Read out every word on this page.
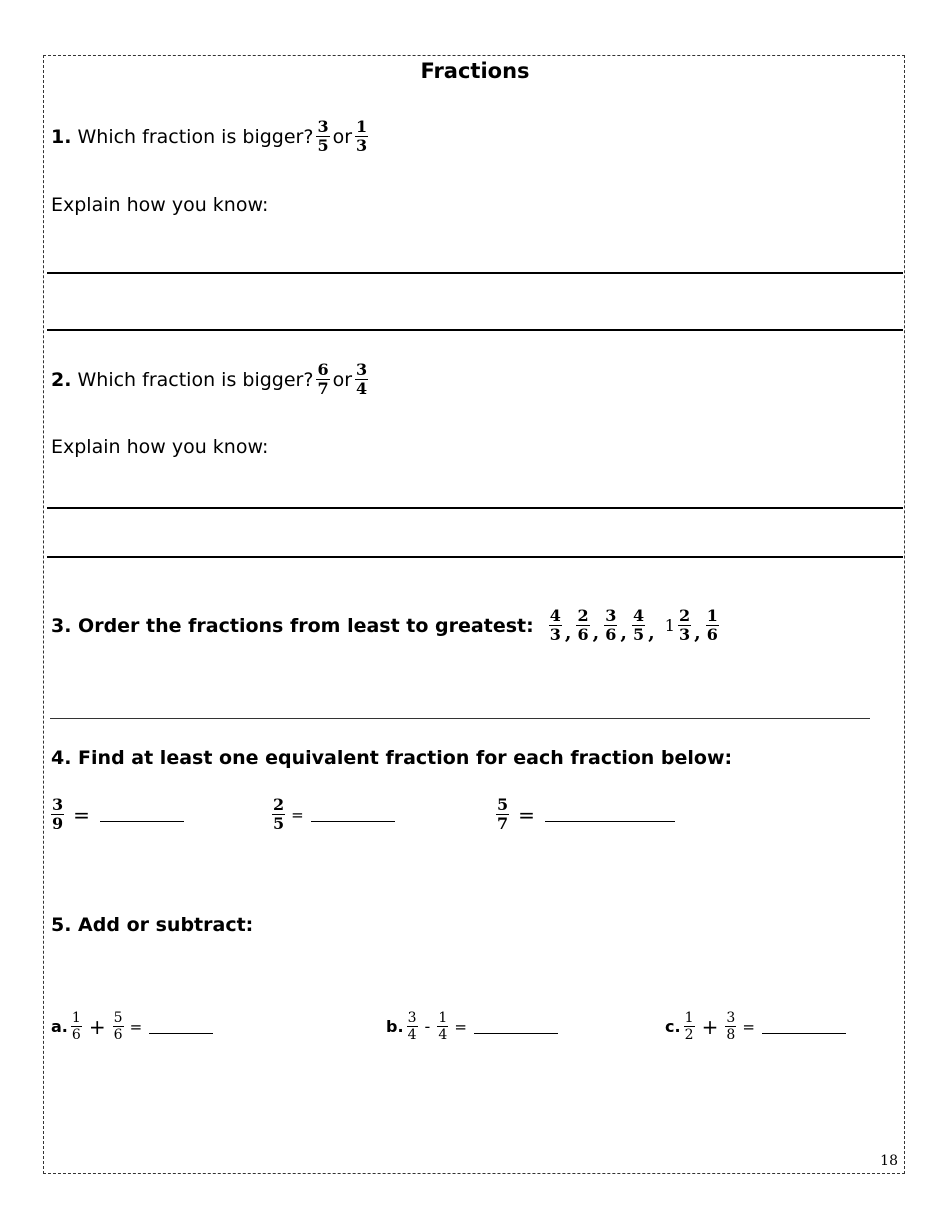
Fractions
1.
Which fraction is bigger? $\frac{3}{5}$ or $\frac{1}{3}$
Explain how you know:
2.
Which fraction is bigger? $\frac{6}{7}$ or $\frac{3}{4}$
Explain how you know:
3. Order the fractions from least to greatest: $\frac{4}{3}$ , $\frac{2}{6}$ , $\frac{3}{6}$ , $\frac{4}{5}$ , $1 \frac{2}{3}$ , $\frac{1}{6}$
4. Find at least one equivalent fraction for each fraction below:
$\frac{3}{9}$ =	$\frac{2}{5}$ =	$\frac{5}{7}$ =
5. Add or subtract:
a. $\frac{1}{6} + \frac{5}{6}$ =	b. $\frac{3}{4} - \frac{1}{4}$ =	c. $\frac{1}{2} + \frac{3}{8}$ =
18
